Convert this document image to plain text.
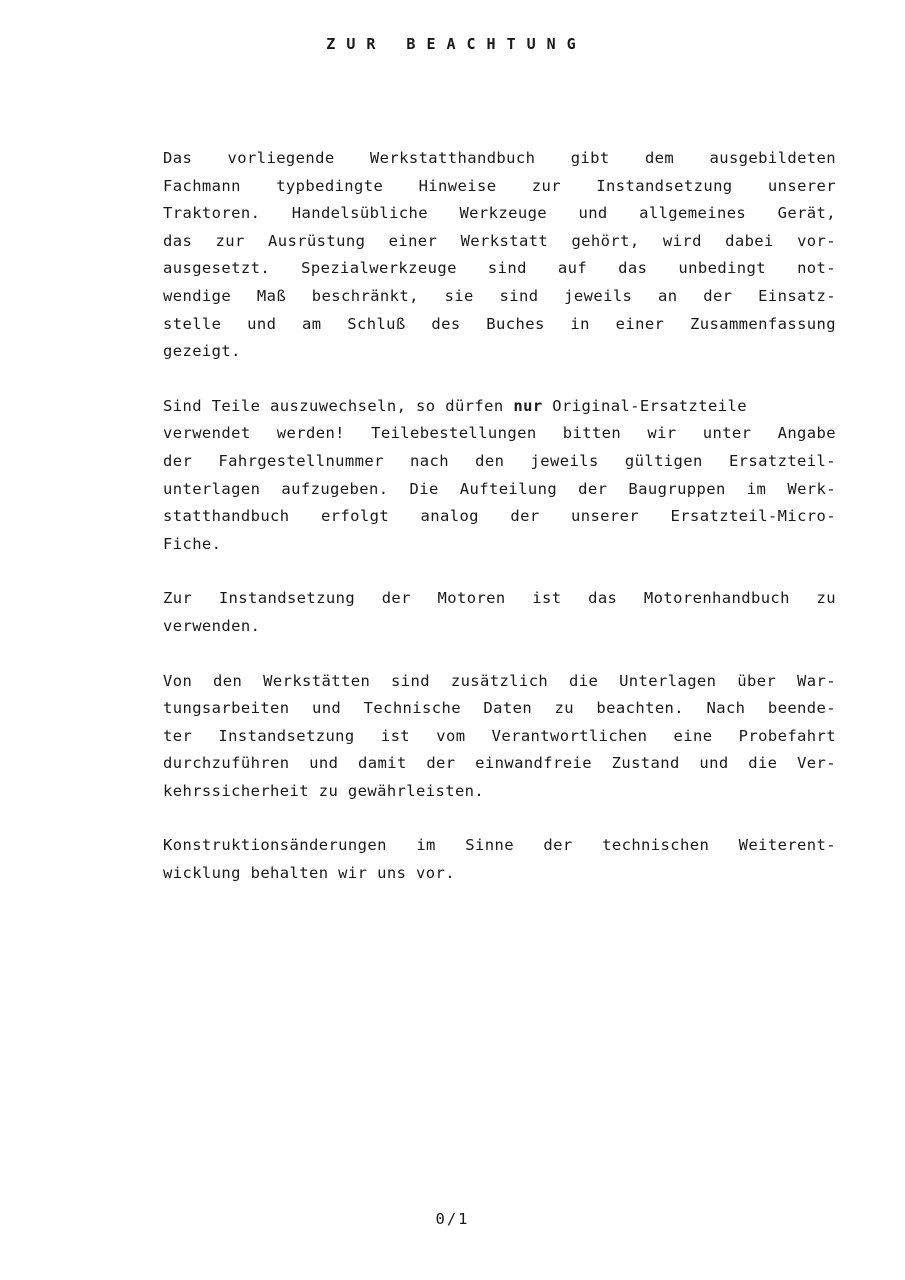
ZUR BEACHTUNG
Das vorliegende Werkstatthandbuch gibt dem ausgebildeten
Fachmann typbedingte Hinweise zur Instandsetzung unserer
Traktoren. Handelsübliche Werkzeuge und allgemeines Gerät,
das zur Ausrüstung einer Werkstatt gehört, wird dabei vor-
ausgesetzt. Spezialwerkzeuge sind auf das unbedingt not-
wendige Maß beschränkt, sie sind jeweils an der Einsatz-
stelle und am Schluß des Buches in einer Zusammenfassung
gezeigt.
Sind Teile auszuwechseln, so dürfen nur Original-Ersatzteile
verwendet werden! Teilebestellungen bitten wir unter Angabe
der Fahrgestellnummer nach den jeweils gültigen Ersatzteil-
unterlagen aufzugeben. Die Aufteilung der Baugruppen im Werk-
statthandbuch erfolgt analog der unserer Ersatzteil-Micro-
Fiche.
Zur Instandsetzung der Motoren ist das Motorenhandbuch zu
verwenden.
Von den Werkstätten sind zusätzlich die Unterlagen über War-
tungsarbeiten und Technische Daten zu beachten. Nach beende-
ter Instandsetzung ist vom Verantwortlichen eine Probefahrt
durchzuführen und damit der einwandfreie Zustand und die Ver-
kehrssicherheit zu gewährleisten.
Konstruktionsänderungen im Sinne der technischen Weiterent-
wicklung behalten wir uns vor.
0/1
